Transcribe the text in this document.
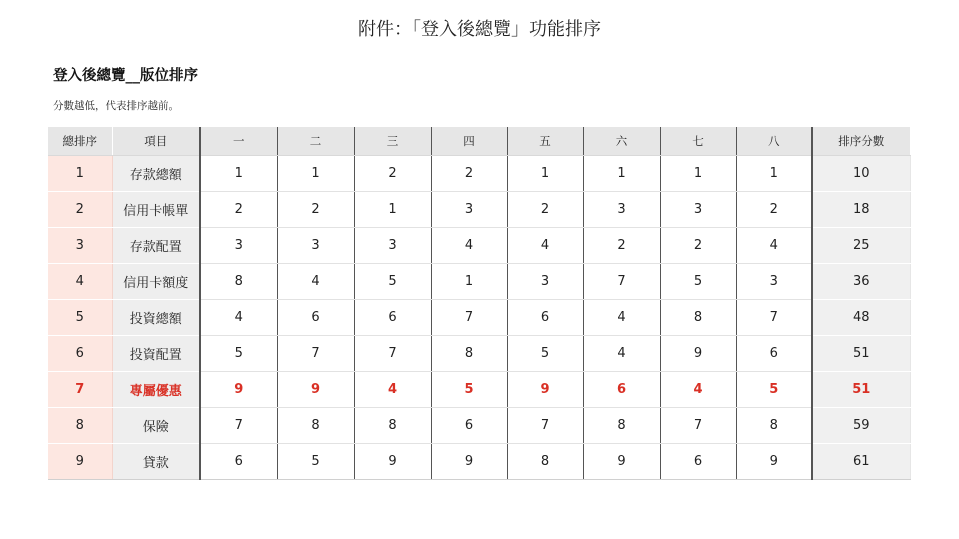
附件：「登入後總覽」功能排序
登入後總覽__版位排序
分數越低，代表排序越前。
總排序	項目	一	二	三	四	五	六	七	八	排序分數
1	存款總額	1	1	2	2	1	1	1	1	10
2	信用卡帳單	2	2	1	3	2	3	3	2	18
3	存款配置	3	3	3	4	4	2	2	4	25
4	信用卡額度	8	4	5	1	3	7	5	3	36
5	投資總額	4	6	6	7	6	4	8	7	48
6	投資配置	5	7	7	8	5	4	9	6	51
7	專屬優惠	9	9	4	5	9	6	4	5	51
8	保險	7	8	8	6	7	8	7	8	59
9	貸款	6	5	9	9	8	9	6	9	61
